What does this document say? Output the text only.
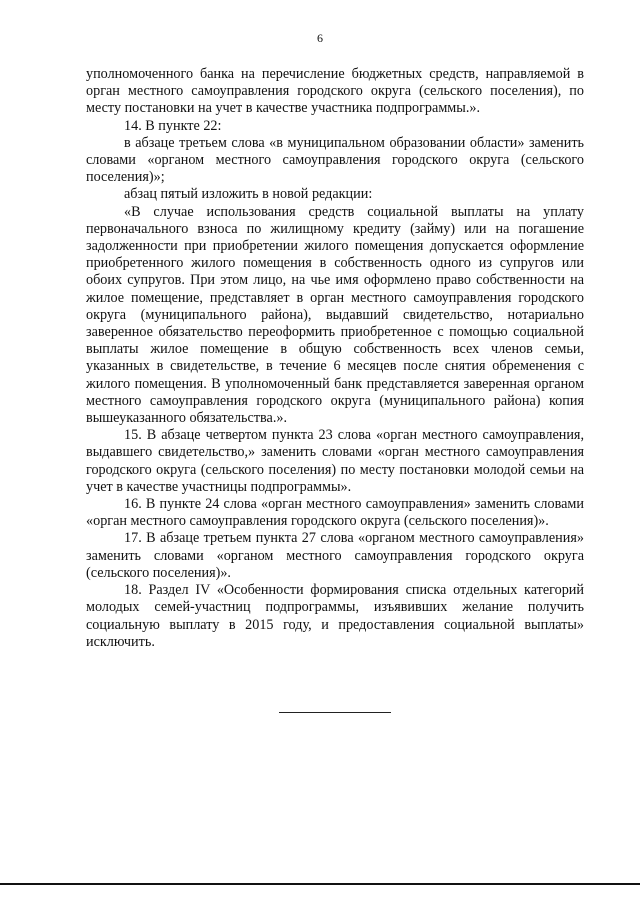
6

уполномоченного банка на перечисление бюджетных средств, направляемой в орган местного самоуправления городского округа (сельского поселения), по месту постановки на учет в качестве участника подпрограммы.».

14. В пункте 22:

в абзаце третьем слова «в муниципальном образовании области» заменить словами «органом местного самоуправления городского округа (сельского поселения)»;

абзац пятый изложить в новой редакции:

«В случае использования средств социальной выплаты на уплату первоначального взноса по жилищному кредиту (займу) или на погашение задолженности при приобретении жилого помещения допускается оформление приобретенного жилого помещения в собственность одного из супругов или обоих супругов. При этом лицо, на чье имя оформлено право собственности на жилое помещение, представляет в орган местного самоуправления городского округа (муниципального района), выдавший свидетельство, нотариально заверенное обязательство переоформить приобретенное с помощью социальной выплаты жилое помещение в общую собственность всех членов семьи, указанных в свидетельстве, в течение 6 месяцев после снятия обременения с жилого помещения. В уполномоченный банк представляется заверенная органом местного самоуправления городского округа (муниципального района) копия вышеуказанного обязательства.».

15. В абзаце четвертом пункта 23 слова «орган местного самоуправления, выдавшего свидетельство,» заменить словами «орган местного самоуправления городского округа (сельского поселения) по месту постановки молодой семьи на учет в качестве участницы подпрограммы».

16. В пункте 24 слова «орган местного самоуправления» заменить словами «орган местного самоуправления городского округа (сельского поселения)».

17. В абзаце третьем пункта 27 слова «органом местного самоуправления» заменить словами «органом местного самоуправления городского округа (сельского поселения)».

18. Раздел IV «Особенности формирования списка отдельных категорий молодых семей-участниц подпрограммы, изъявивших желание получить социальную выплату в 2015 году, и предоставления социальной выплаты» исключить.
